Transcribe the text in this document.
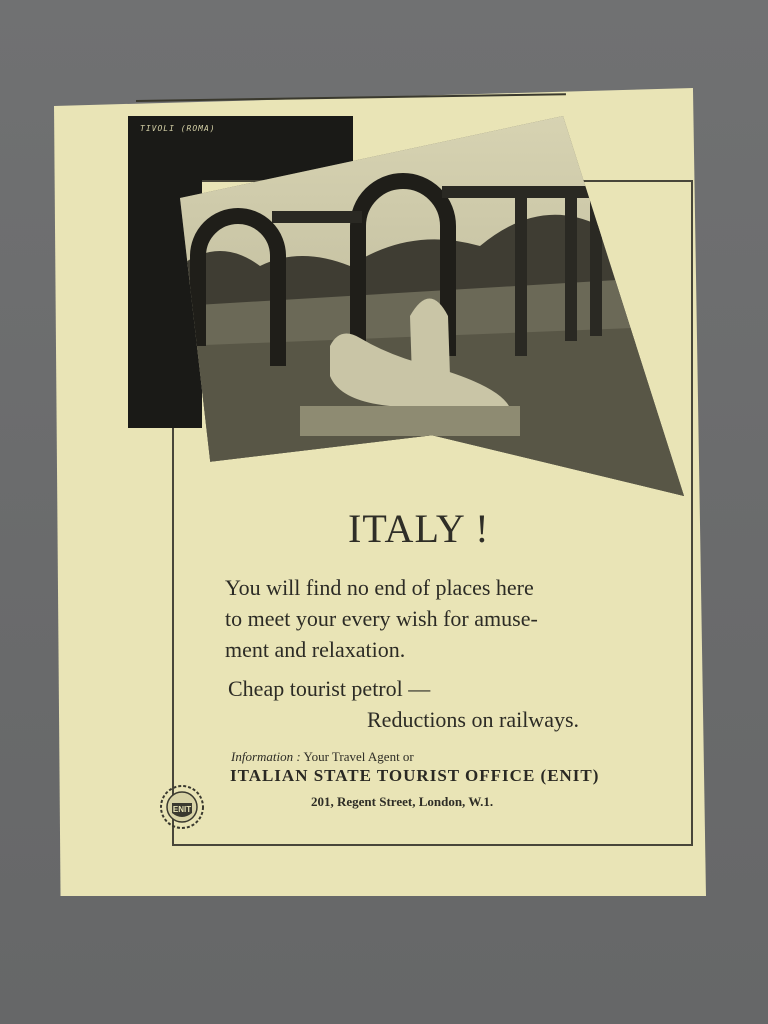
TIVOLI (ROMA)
ITALY !
You will find no end of places here
to meet your every wish for amuse-
ment and relaxation.
Cheap tourist petrol —
Reductions on railways.
Information : Your Travel Agent or
ITALIAN STATE TOURIST OFFICE (ENIT)
201, Regent Street, London, W.1.
ENIT
